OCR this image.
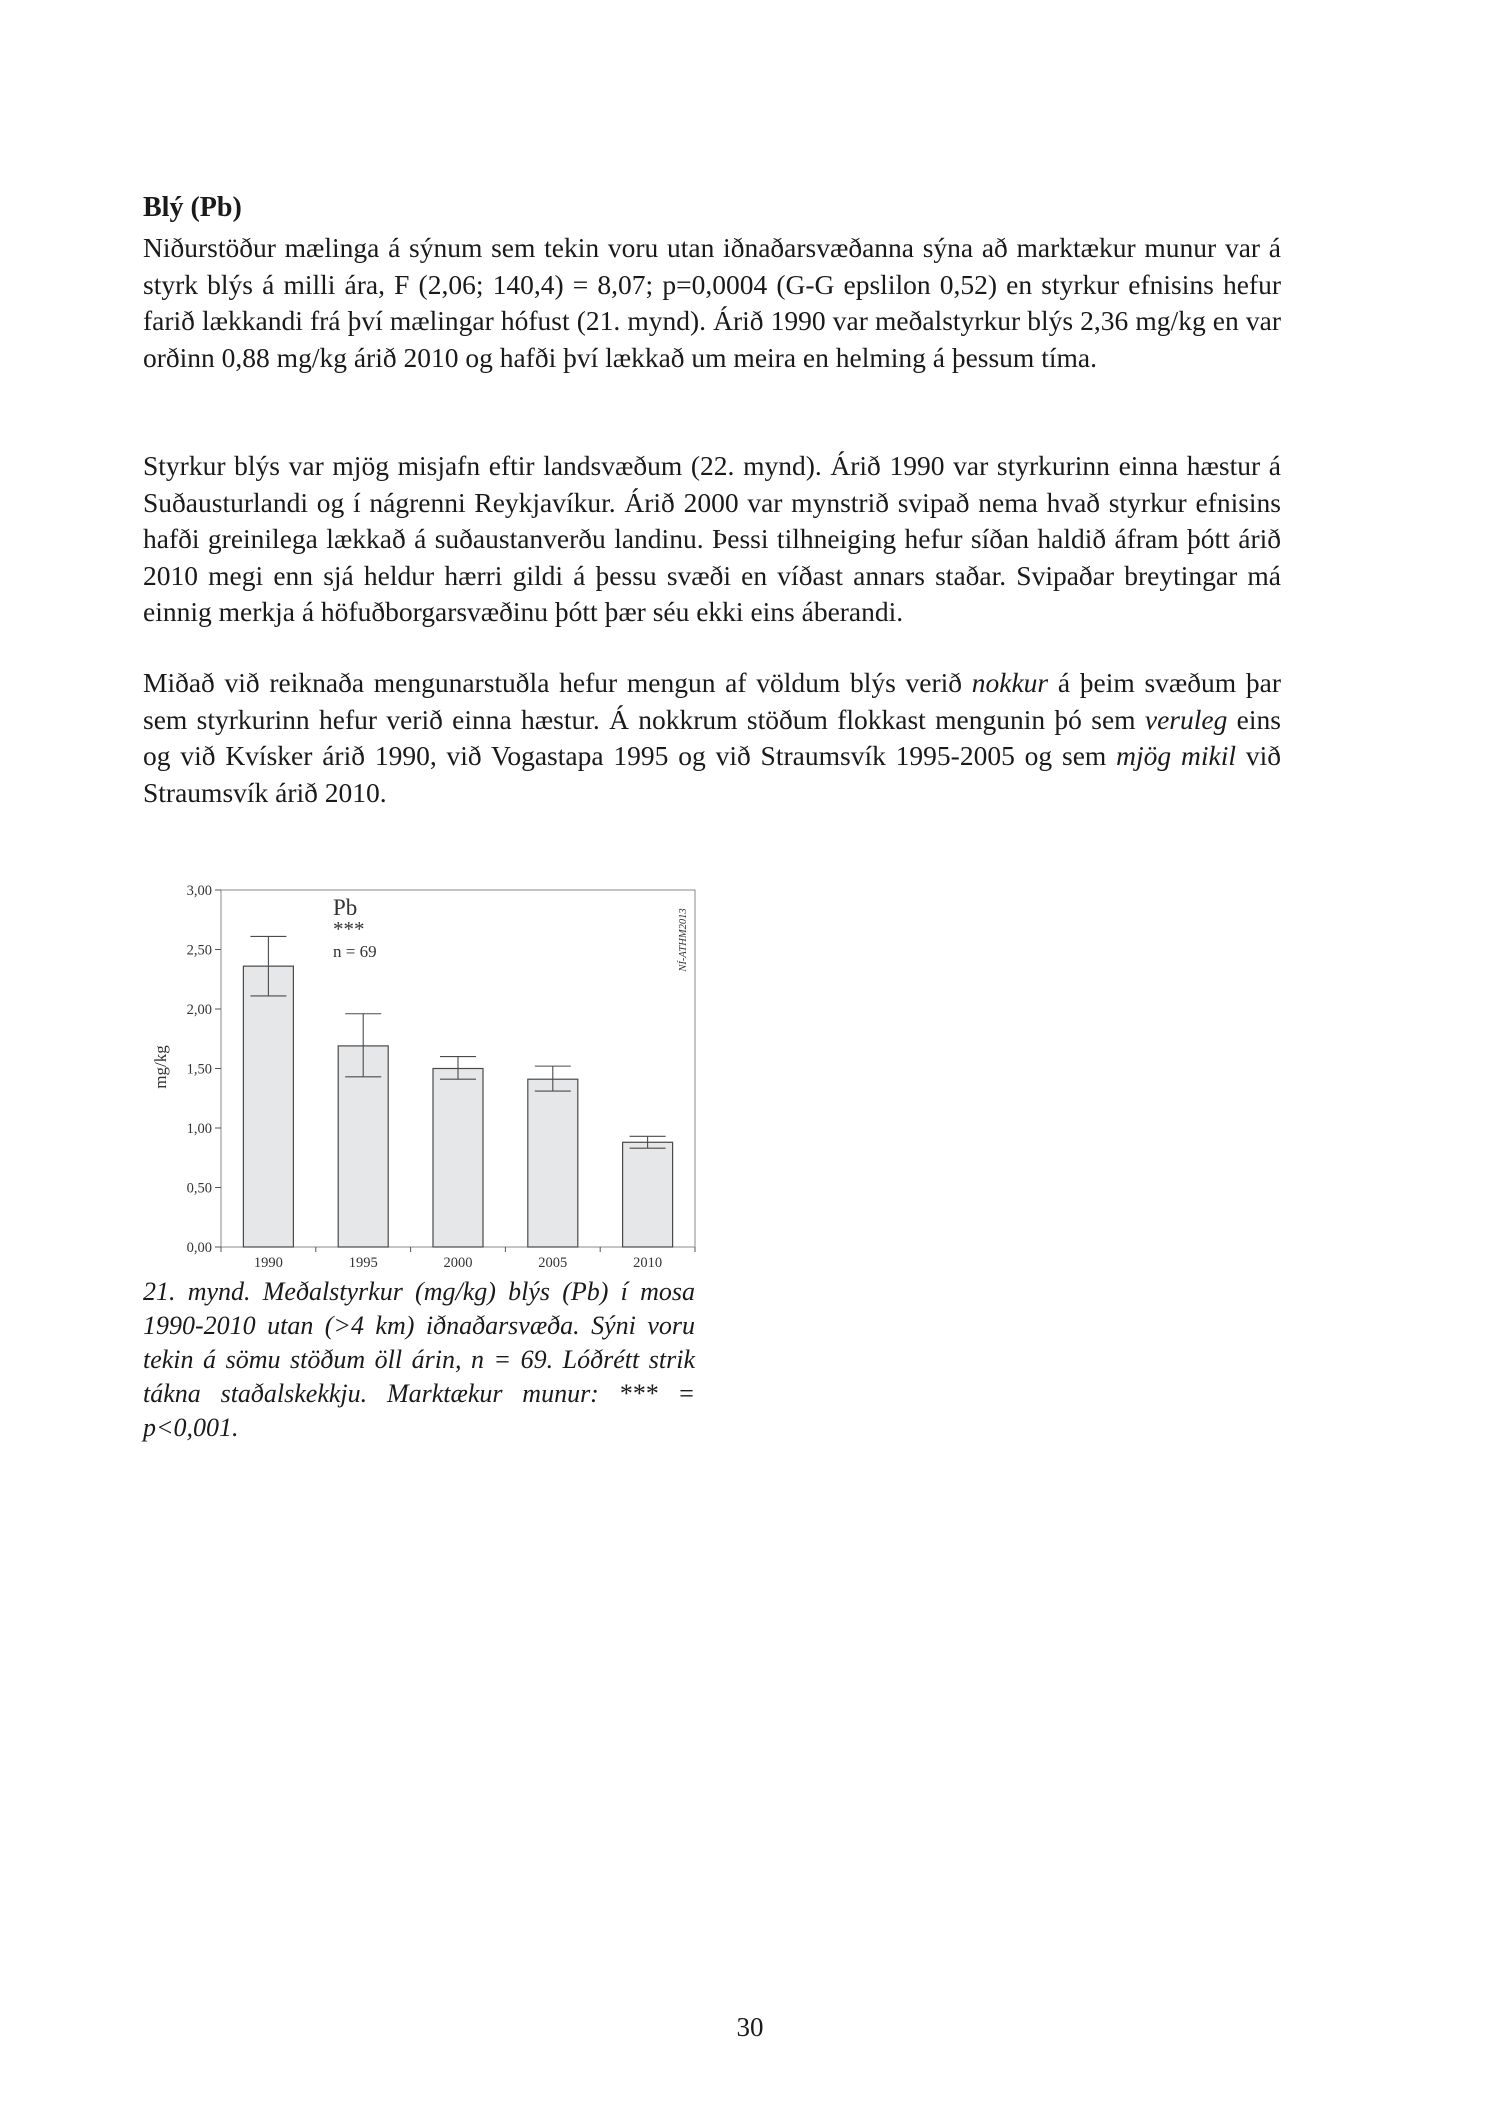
Blý (Pb)

Niðurstöður mælinga á sýnum sem tekin voru utan iðnaðarsvæðanna sýna að marktækur munur var á styrk blýs á milli ára, F (2,06; 140,4) = 8,07; p=0,0004 (G-G epslilon 0,52) en styrkur efnisins hefur farið lækkandi frá því mælingar hófust (21. mynd). Árið 1990 var meðalstyrkur blýs 2,36 mg/kg en var orðinn 0,88 mg/kg árið 2010 og hafði því lækkað um meira en helming á þessum tíma.

Styrkur blýs var mjög misjafn eftir landsvæðum (22. mynd). Árið 1990 var styrkurinn einna hæstur á Suðausturlandi og í nágrenni Reykjavíkur. Árið 2000 var mynstrið svipað nema hvað styrkur efnisins hafði greinilega lækkað á suðaustanverðu landinu. Þessi tilhneiging hefur síðan haldið áfram þótt árið 2010 megi enn sjá heldur hærri gildi á þessu svæði en víðast annars staðar. Svipaðar breytingar má einnig merkja á höfuðborgarsvæðinu þótt þær séu ekki eins áberandi.

Miðað við reiknaða mengunarstuðla hefur mengun af völdum blýs verið nokkur á þeim svæðum þar sem styrkurinn hefur verið einna hæstur. Á nokkrum stöðum flokkast mengunin þó sem veruleg eins og við Kvísker árið 1990, við Vogastapa 1995 og við Straumsvík 1995-2005 og sem mjög mikil við Straumsvík árið 2010.

0,00
0,50
1,00
1,50
2,00
2,50
3,00
1990	1995	2000	2005	2010
Pb
***
n = 69
mg/kg
NÍ-ATHM2013

21. mynd. Meðalstyrkur (mg/kg) blýs (Pb) í mosa 1990-2010 utan (>4 km) iðnaðarsvæða. Sýni voru tekin á sömu stöðum öll árin, n = 69. Lóðrétt strik tákna staðalskekkju. Marktækur munur: *** = p<0,001.

30
